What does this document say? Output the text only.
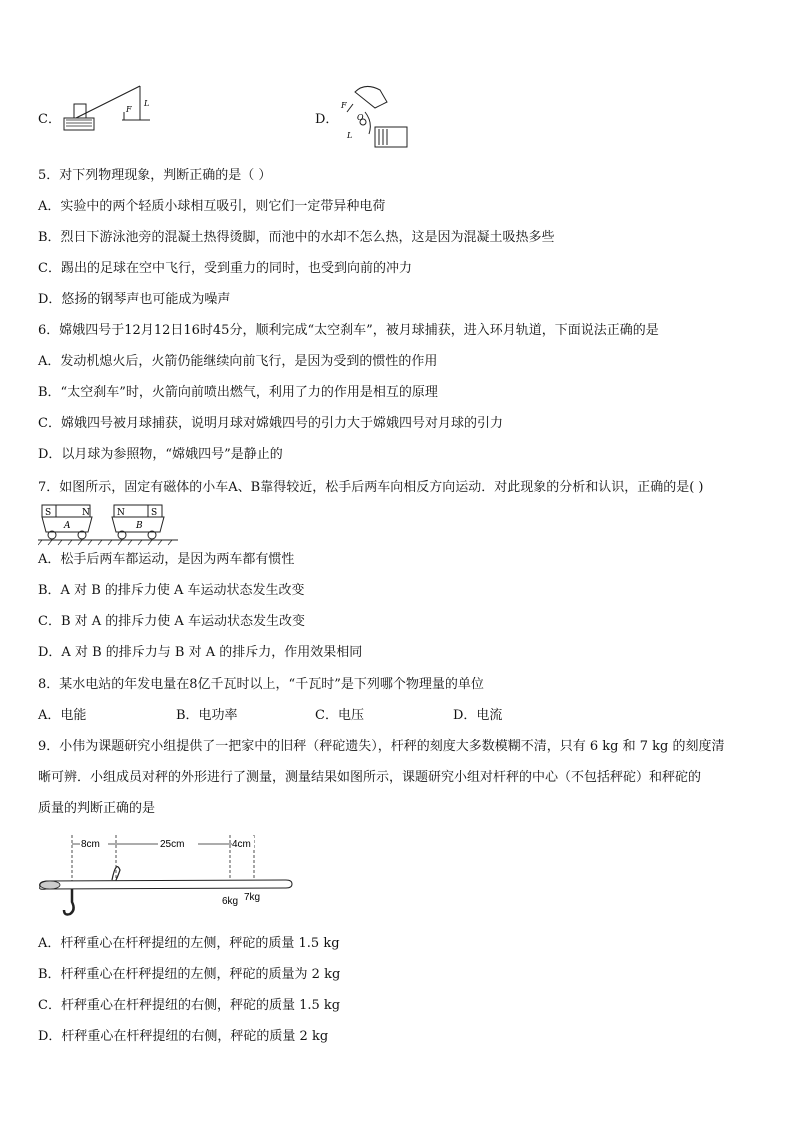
C．
F
L
D．
F
O
L
5．对下列物理现象，判断正确的是（ ）
A．实验中的两个轻质小球相互吸引，则它们一定带异种电荷
B．烈日下游泳池旁的混凝土热得烫脚，而池中的水却不怎么热，这是因为混凝土吸热多些
C．踢出的足球在空中飞行，受到重力的同时，也受到向前的冲力
D．悠扬的钢琴声也可能成为噪声
6．嫦娥四号于12月12日16时45分，顺利完成“太空刹车”，被月球捕获，进入环月轨道，下面说法正确的是
A．发动机熄火后，火箭仍能继续向前飞行，是因为受到的惯性的作用
B．“太空刹车”时，火箭向前喷出燃气，利用了力的作用是相互的原理
C．嫦娥四号被月球捕获，说明月球对嫦娥四号的引力大于嫦娥四号对月球的引力
D．以月球为参照物，“嫦娥四号”是静止的
7．如图所示，固定有磁体的小车A、B靠得较近，松手后两车向相反方向运动．对此现象的分析和认识，正确的是( )
S	N
A
N	S
B
A．松手后两车都运动，是因为两车都有惯性
B．A 对 B 的排斥力使 A 车运动状态发生改变
C．B 对 A 的排斥力使 A 车运动状态发生改变
D．A 对 B 的排斥力与 B 对 A 的排斥力，作用效果相同
8．某水电站的年发电量在8亿千瓦时以上，“千瓦时”是下列哪个物理量的单位
A．电能	B．电功率	C．电压	D．电流
9．小伟为课题研究小组提供了一把家中的旧秤（秤砣遗失），杆秤的刻度大多数模糊不清，只有 6 kg 和 7 kg 的刻度清
晰可辨．小组成员对秤的外形进行了测量，测量结果如图所示，课题研究小组对杆秤的中心（不包括秤砣）和秤砣的
质量的判断正确的是
8cm	25cm	4cm
6kg 7kg
A．杆秤重心在杆秤提纽的左侧，秤砣的质量 1.5 kg
B．杆秤重心在杆秤提纽的左侧，秤砣的质量为 2 kg
C．杆秤重心在杆秤提纽的右侧，秤砣的质量 1.5 kg
D．杆秤重心在杆秤提纽的右侧，秤砣的质量 2 kg
